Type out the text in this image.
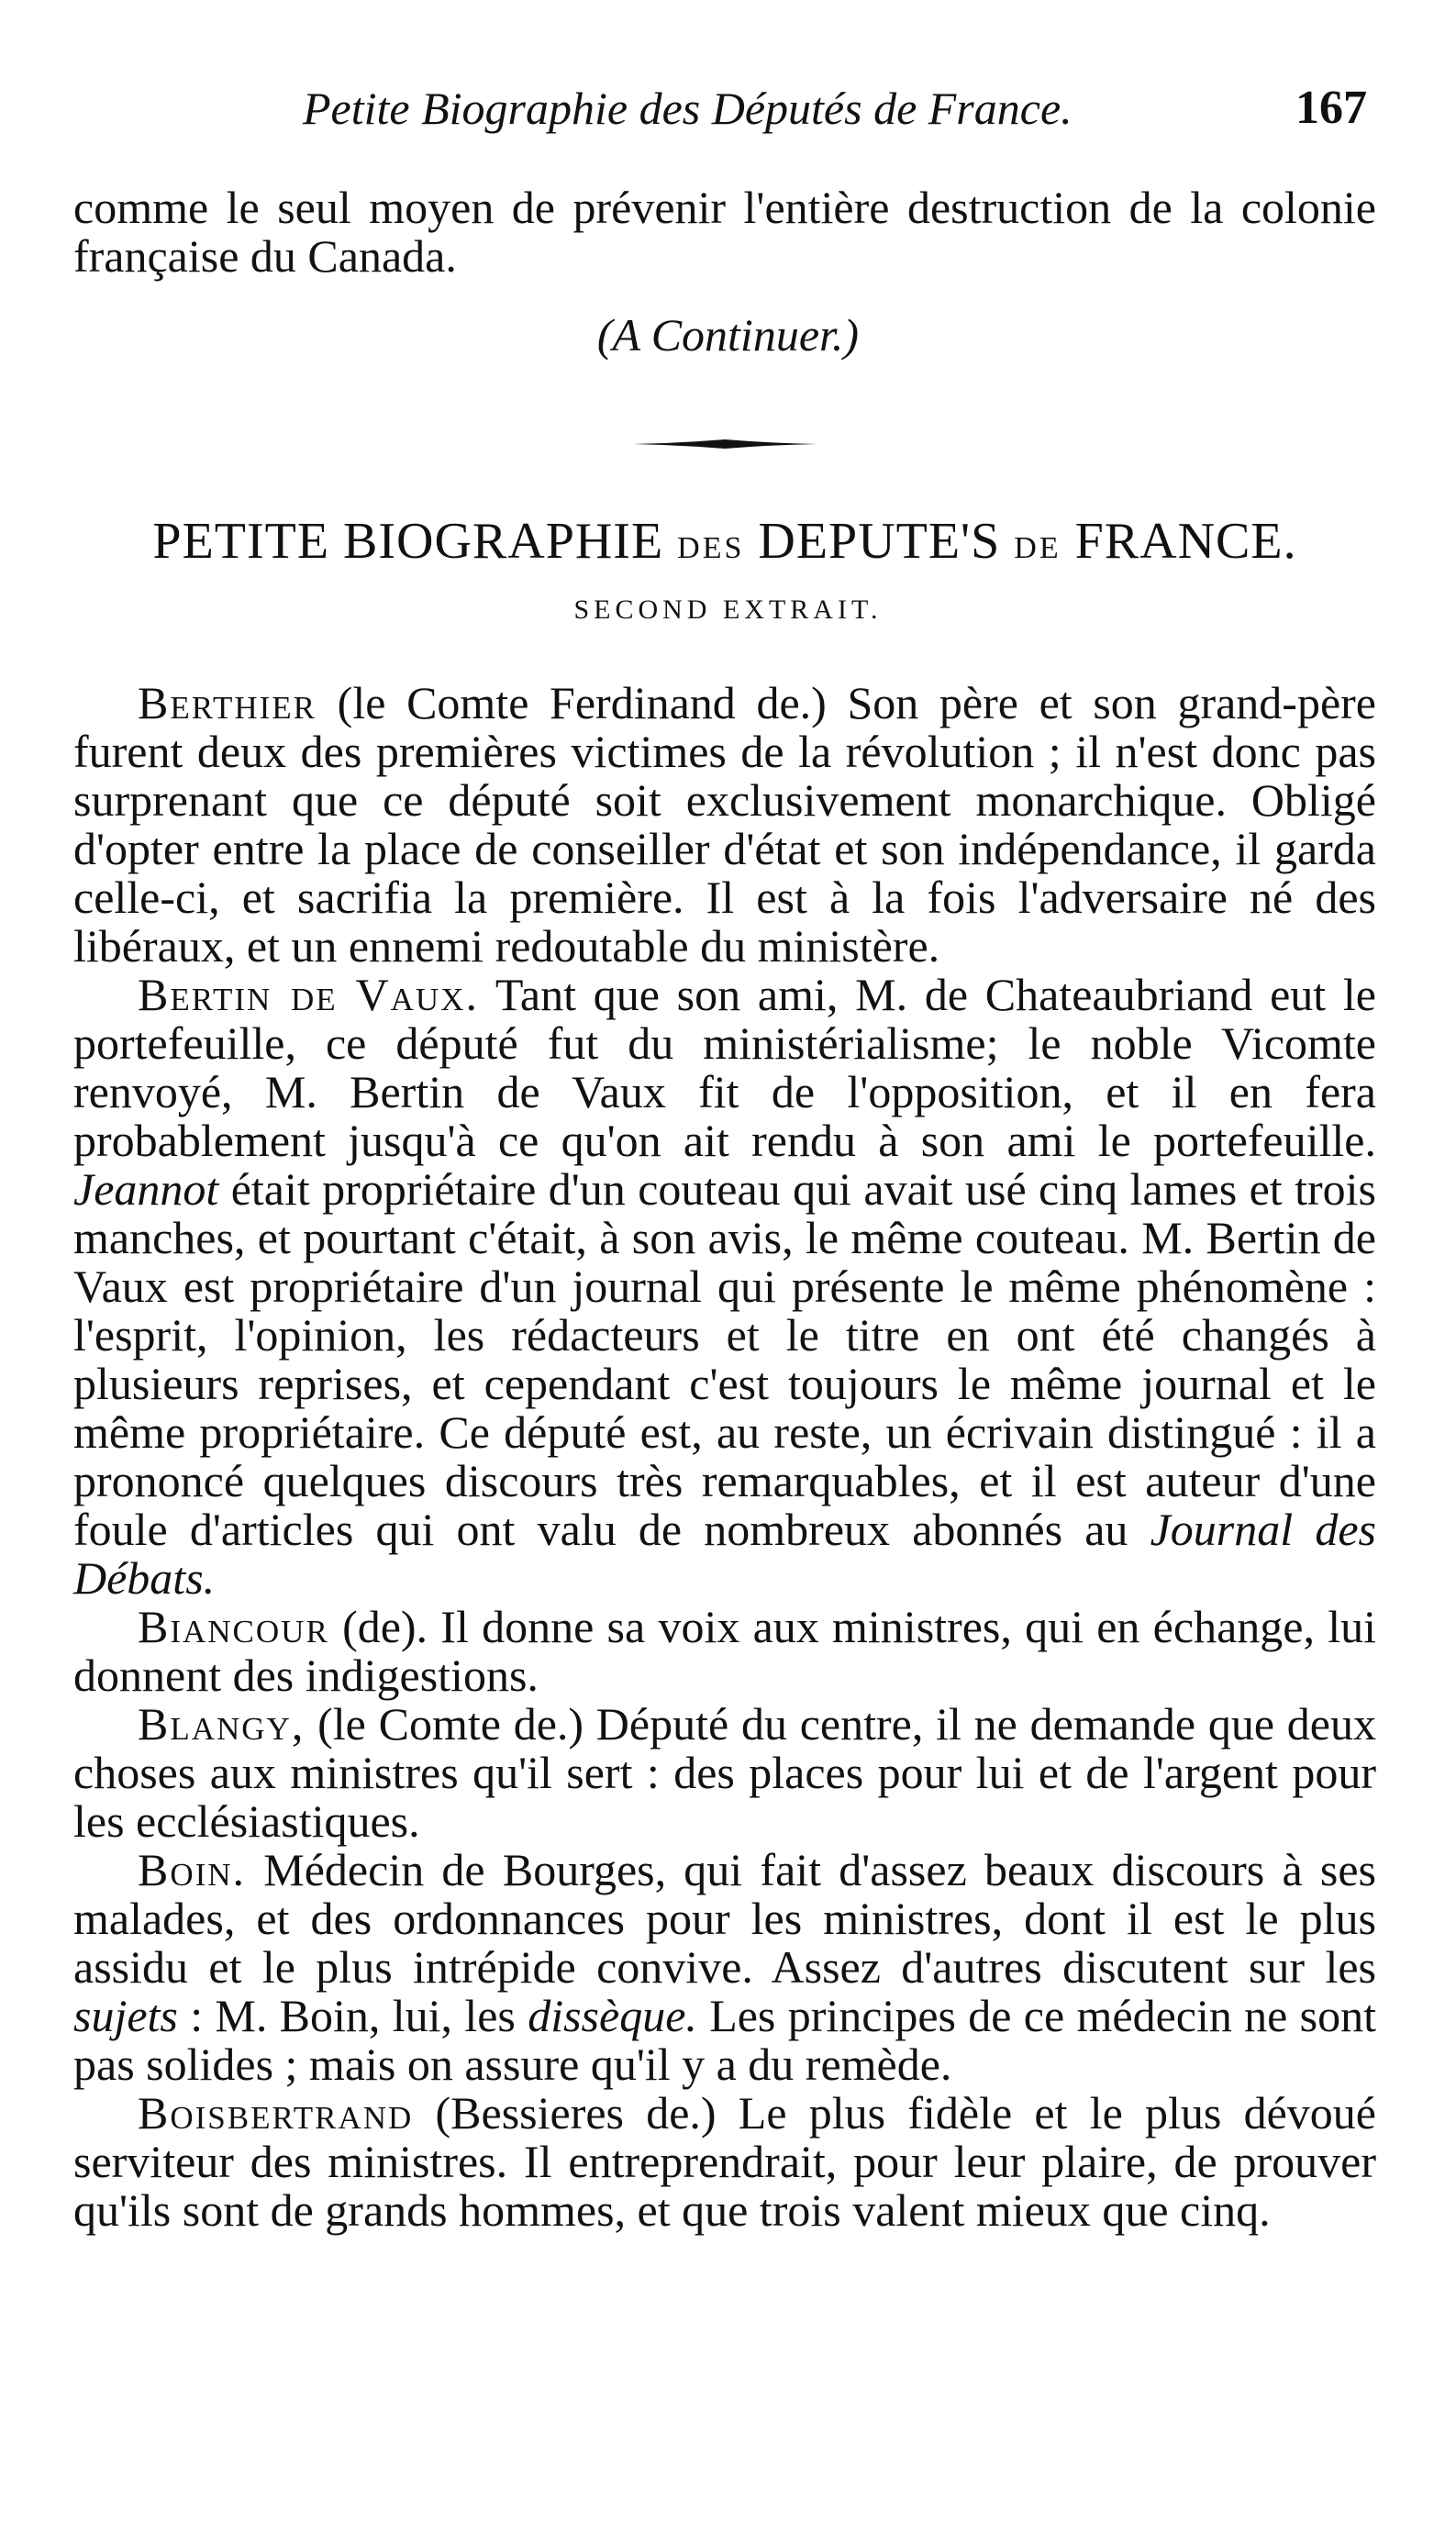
Petite Biographie des Députés de France.	167

comme le seul moyen de prévenir l'entière destruction de la colonie française du Canada.

(A Continuer.)
PETITE BIOGRAPHIE DES DEPUTE'S DE FRANCE.
SECOND EXTRAIT.

Berthier (le Comte Ferdinand de.) Son père et son grand-père furent deux des premières victimes de la révolution ; il n'est donc pas surprenant que ce député soit exclusivement monarchique. Obligé d'opter entre la place de conseiller d'état et son indépendance, il garda celle-ci, et sacrifia la première. Il est à la fois l'adversaire né des libéraux, et un ennemi redoutable du ministère.

Bertin de Vaux. Tant que son ami, M. de Chateaubriand eut le portefeuille, ce député fut du ministérialisme; le noble Vicomte renvoyé, M. Bertin de Vaux fit de l'opposition, et il en fera probablement jusqu'à ce qu'on ait rendu à son ami le portefeuille. Jeannot était propriétaire d'un couteau qui avait usé cinq lames et trois manches, et pourtant c'était, à son avis, le même couteau. M. Bertin de Vaux est propriétaire d'un journal qui présente le même phénomène : l'esprit, l'opinion, les rédacteurs et le titre en ont été changés à plusieurs reprises, et cependant c'est toujours le même journal et le même propriétaire. Ce député est, au reste, un écrivain distingué : il a prononcé quelques discours très remarquables, et il est auteur d'une foule d'articles qui ont valu de nombreux abonnés au Journal des Débats.

Biancour (de). Il donne sa voix aux ministres, qui en échange, lui donnent des indigestions.

Blangy, (le Comte de.) Député du centre, il ne demande que deux choses aux ministres qu'il sert : des places pour lui et de l'argent pour les ecclésiastiques.

Boin. Médecin de Bourges, qui fait d'assez beaux discours à ses malades, et des ordonnances pour les ministres, dont il est le plus assidu et le plus intrépide convive. Assez d'autres discutent sur les sujets : M. Boin, lui, les dissèque. Les principes de ce médecin ne sont pas solides ; mais on assure qu'il y a du remède.

Boisbertrand (Bessieres de.) Le plus fidèle et le plus dévoué serviteur des ministres. Il entreprendrait, pour leur plaire, de prouver qu'ils sont de grands hommes, et que trois valent mieux que cinq.
